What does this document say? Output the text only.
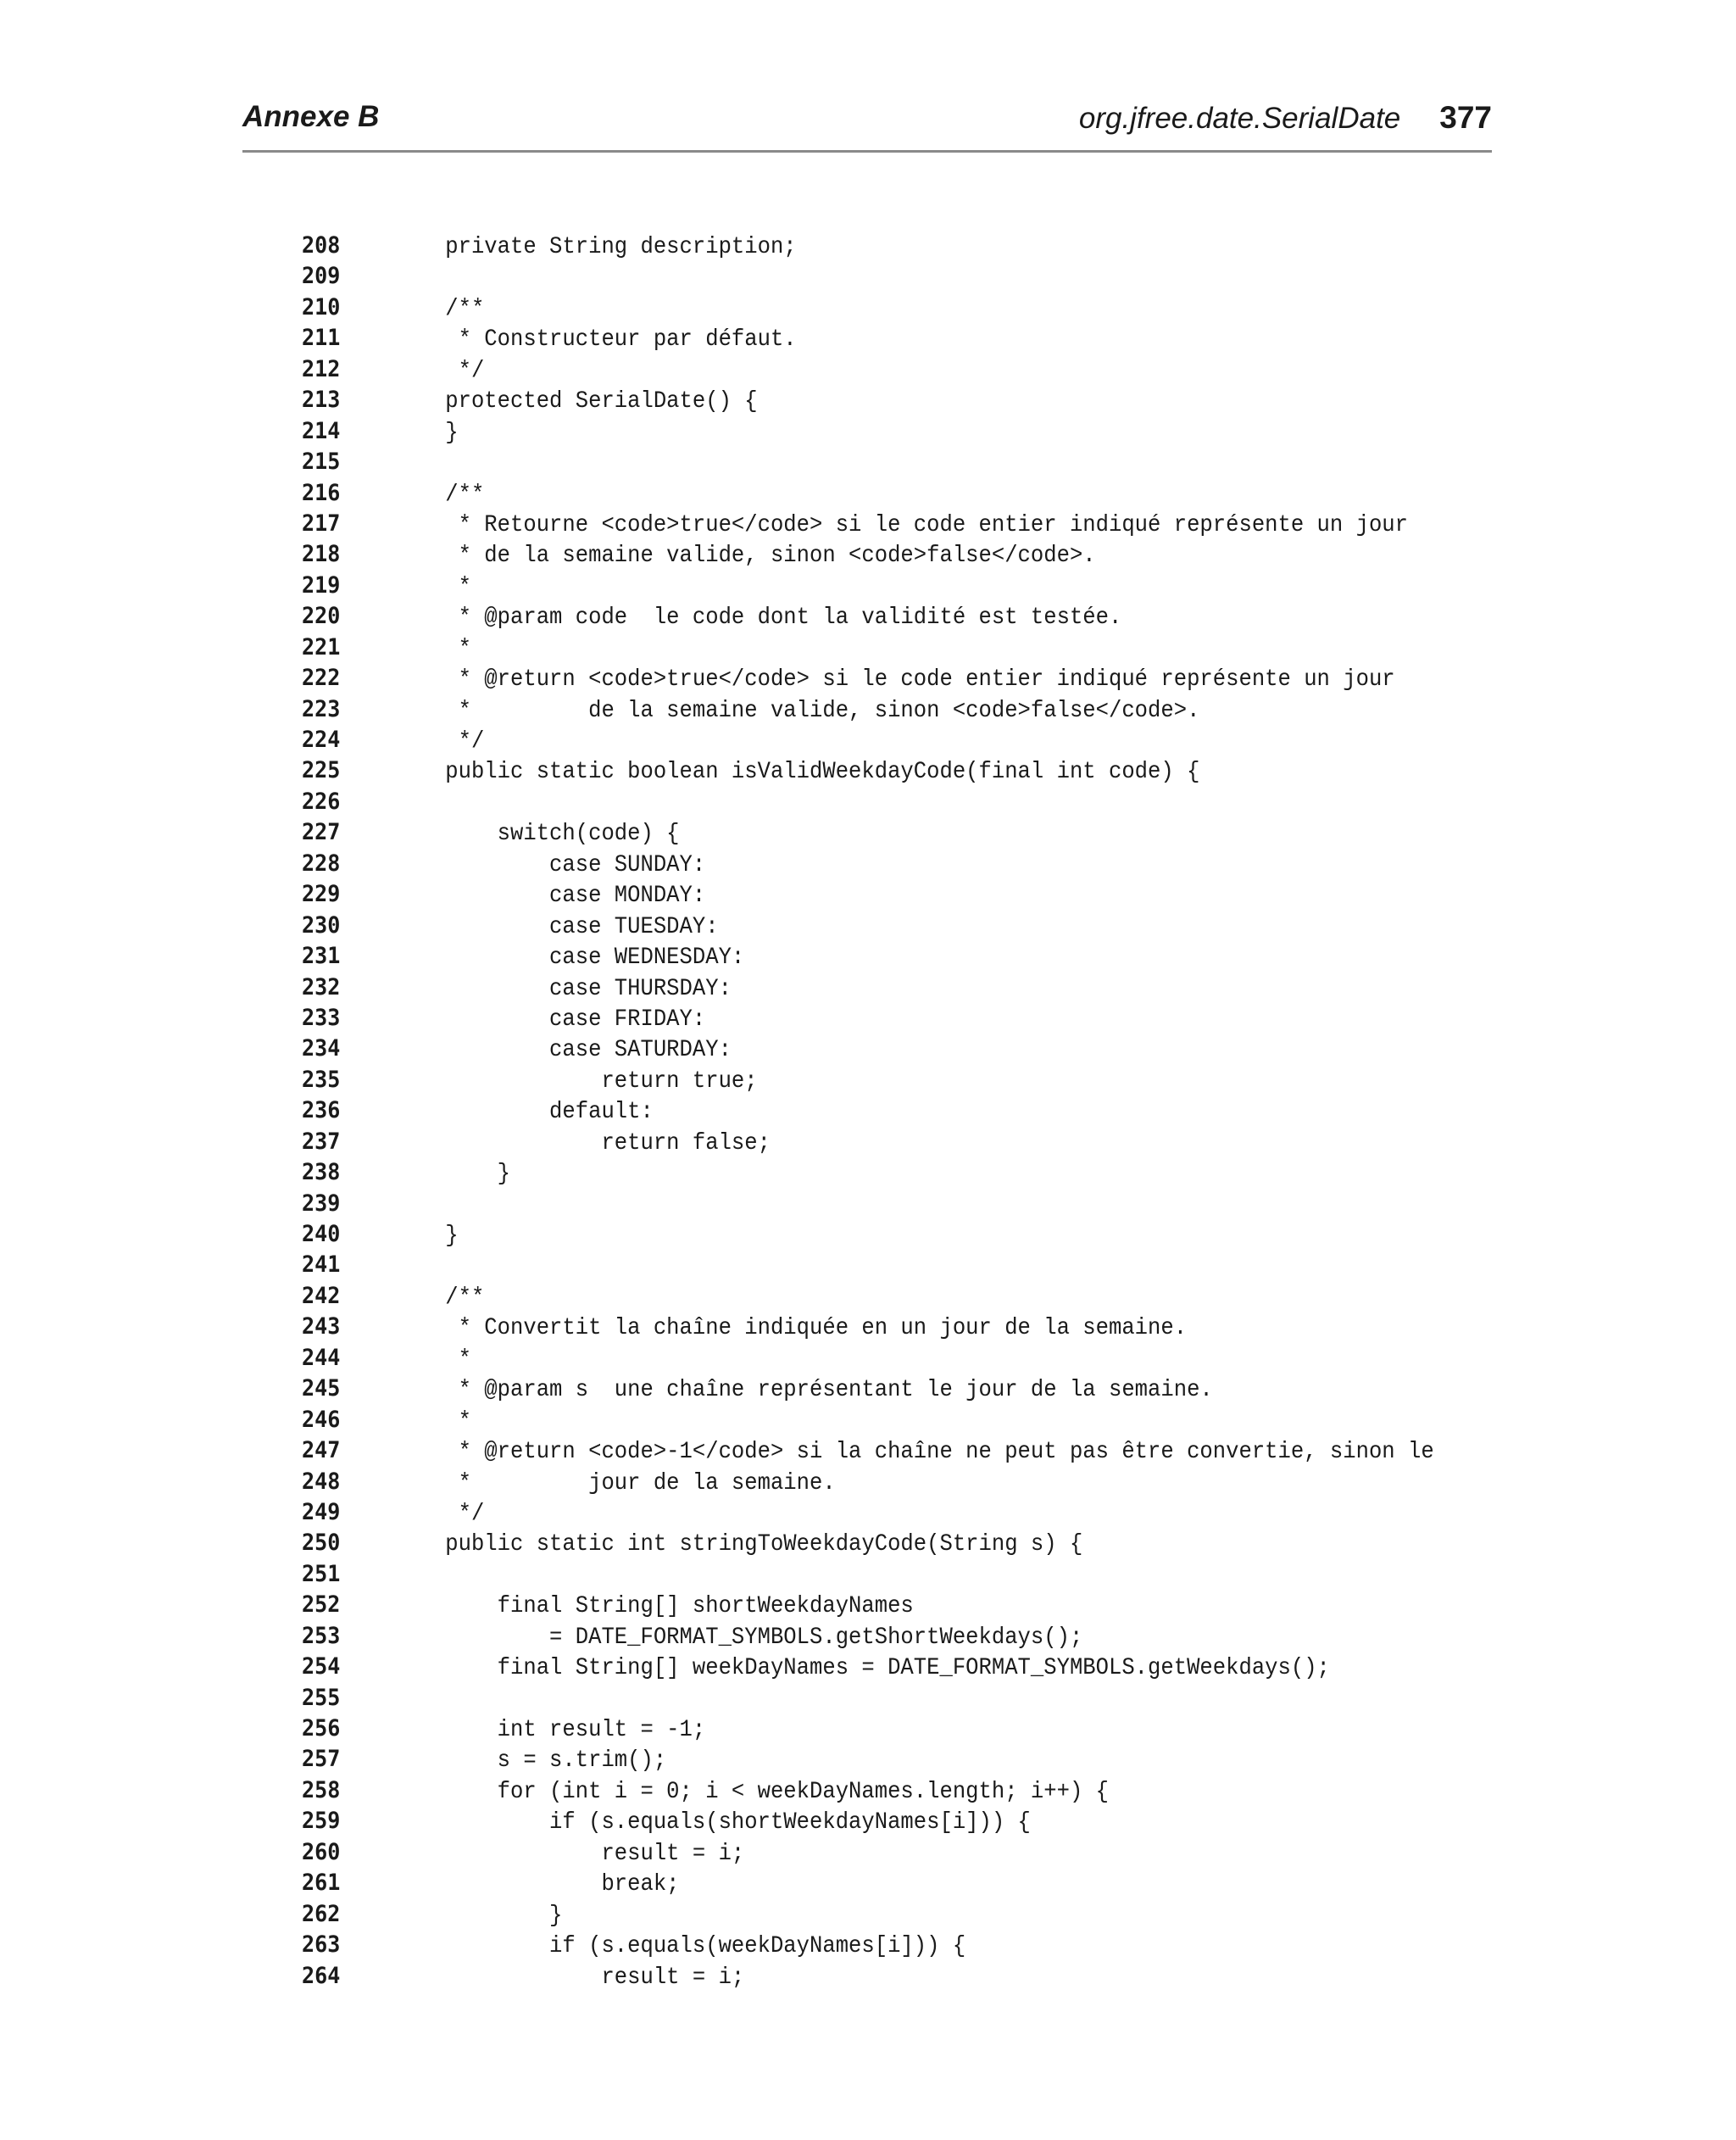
Annexe B	org.jfree.date.SerialDate 377
208    private String description;
209
210    /**
211     * Constructeur par défaut.
212     */
213    protected SerialDate() {
214    }
215
216    /**
217     * Retourne <code>true</code> si le code entier indiqué représente un jour
218     * de la semaine valide, sinon <code>false</code>.
219     *
220     * @param code  le code dont la validité est testée.
221     *
222     * @return <code>true</code> si le code entier indiqué représente un jour
223     *         de la semaine valide, sinon <code>false</code>.
224     */
225    public static boolean isValidWeekdayCode(final int code) {
226
227        switch(code) {
228            case SUNDAY:
229            case MONDAY:
230            case TUESDAY:
231            case WEDNESDAY:
232            case THURSDAY:
233            case FRIDAY:
234            case SATURDAY:
235                return true;
236            default:
237                return false;
238        }
239
240    }
241
242    /**
243     * Convertit la chaîne indiquée en un jour de la semaine.
244     *
245     * @param s  une chaîne représentant le jour de la semaine.
246     *
247     * @return <code>-1</code> si la chaîne ne peut pas être convertie, sinon le
248     *         jour de la semaine.
249     */
250    public static int stringToWeekdayCode(String s) {
251
252        final String[] shortWeekdayNames
253            = DATE_FORMAT_SYMBOLS.getShortWeekdays();
254        final String[] weekDayNames = DATE_FORMAT_SYMBOLS.getWeekdays();
255
256        int result = -1;
257        s = s.trim();
258        for (int i = 0; i < weekDayNames.length; i++) {
259            if (s.equals(shortWeekdayNames[i])) {
260                result = i;
261                break;
262            }
263            if (s.equals(weekDayNames[i])) {
264                result = i;
